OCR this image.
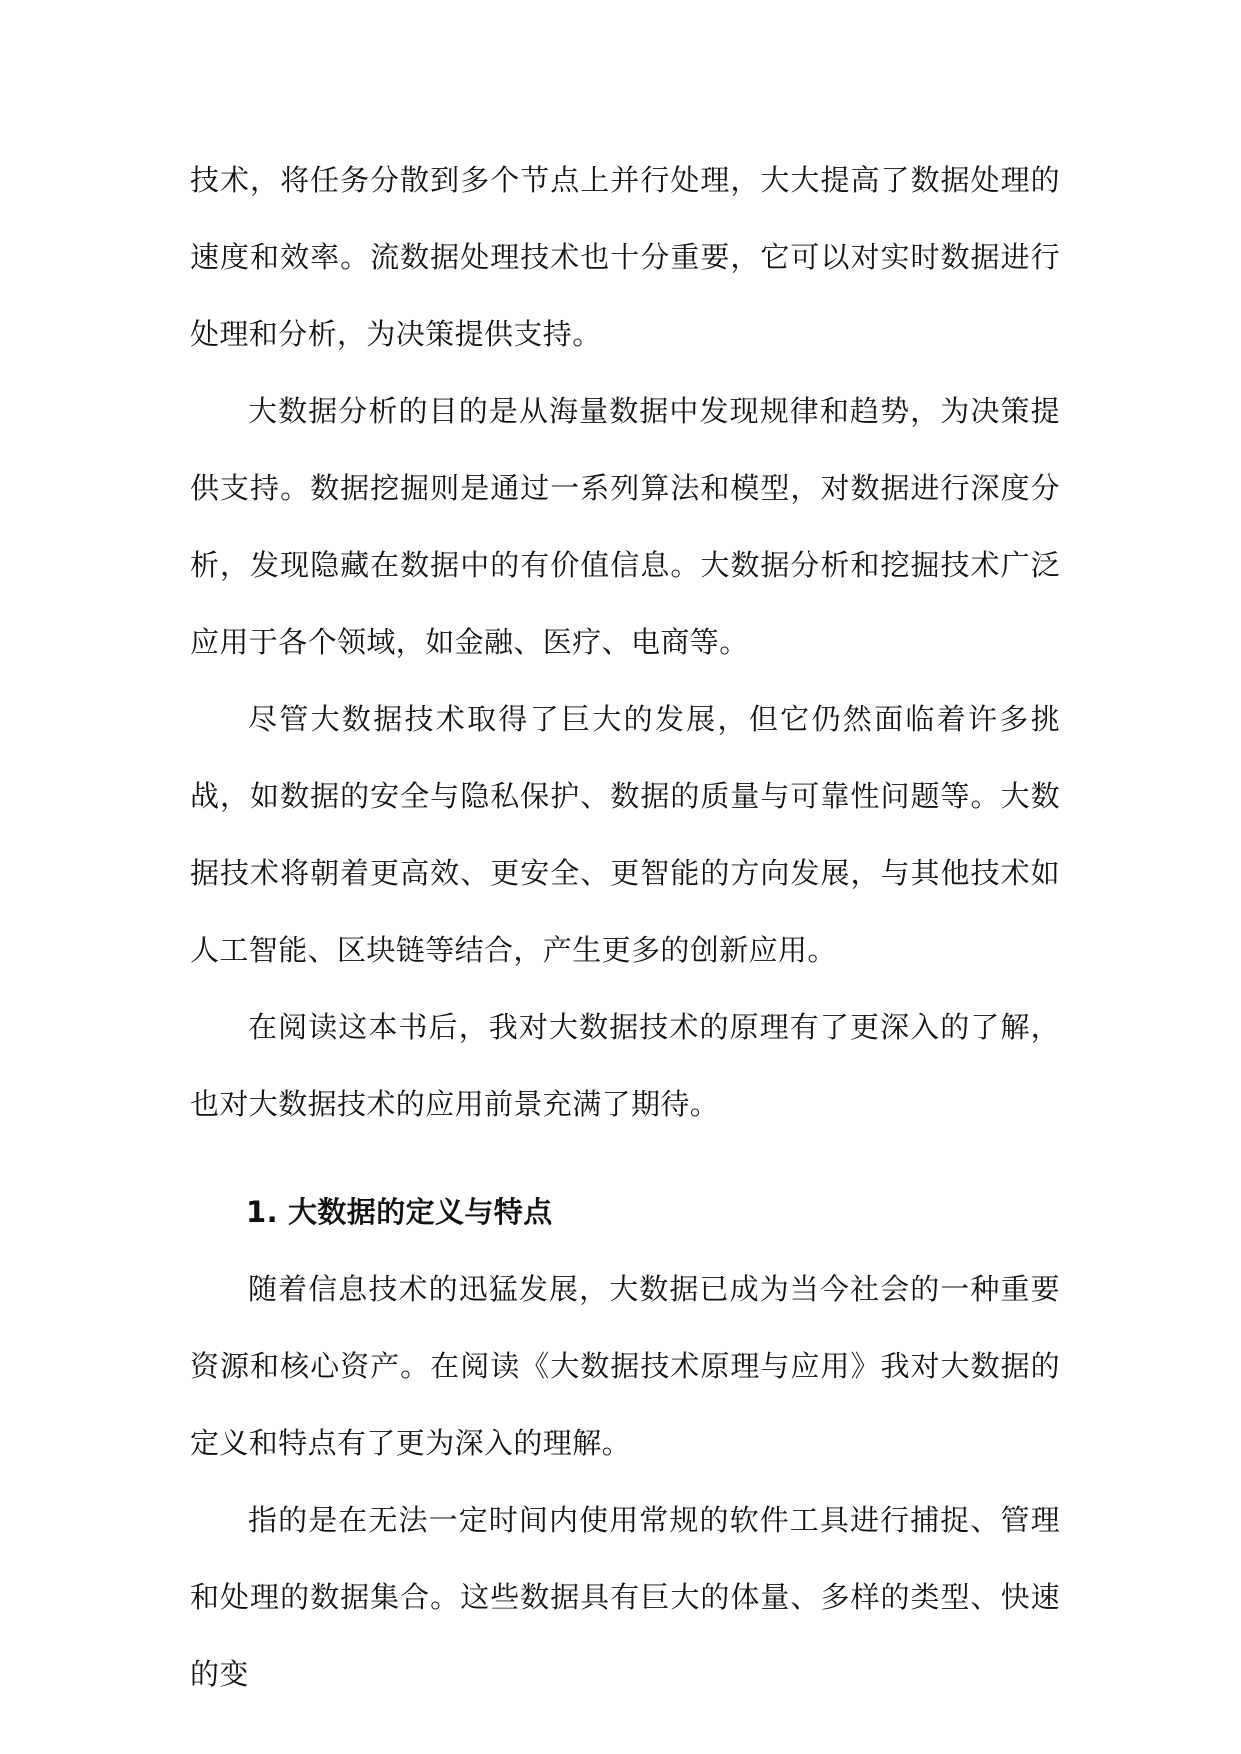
技术，将任务分散到多个节点上并行处理，大大提高了数据处理的速度和效率。流数据处理技术也十分重要，它可以对实时数据进行处理和分析，为决策提供支持。

大数据分析的目的是从海量数据中发现规律和趋势，为决策提供支持。数据挖掘则是通过一系列算法和模型，对数据进行深度分析，发现隐藏在数据中的有价值信息。大数据分析和挖掘技术广泛应用于各个领域，如金融、医疗、电商等。

尽管大数据技术取得了巨大的发展，但它仍然面临着许多挑战，如数据的安全与隐私保护、数据的质量与可靠性问题等。大数据技术将朝着更高效、更安全、更智能的方向发展，与其他技术如人工智能、区块链等结合，产生更多的创新应用。

在阅读这本书后，我对大数据技术的原理有了更深入的了解，也对大数据技术的应用前景充满了期待。

1. 大数据的定义与特点

随着信息技术的迅猛发展，大数据已成为当今社会的一种重要资源和核心资产。在阅读《大数据技术原理与应用》我对大数据的定义和特点有了更为深入的理解。

指的是在无法一定时间内使用常规的软件工具进行捕捉、管理和处理的数据集合。这些数据具有巨大的体量、多样的类型、快速的变
